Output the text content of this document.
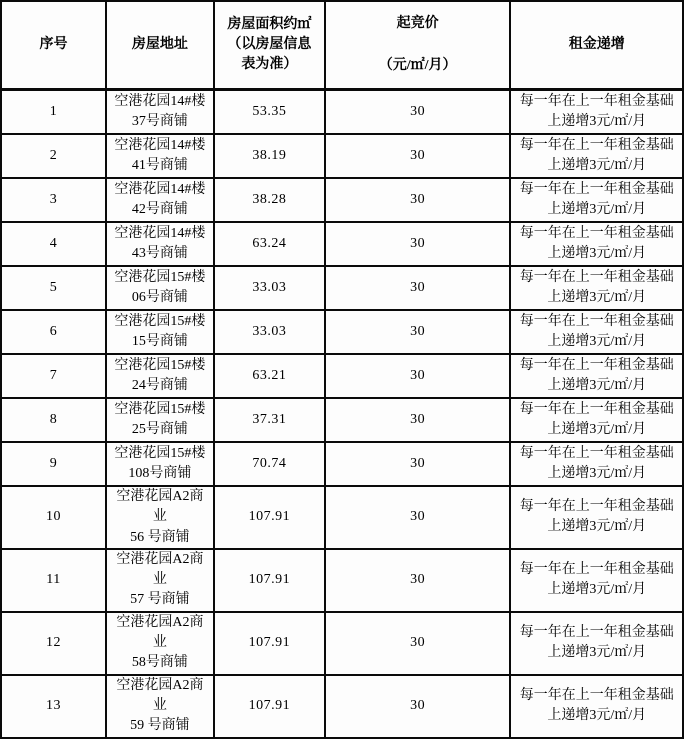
序号	房屋地址	房屋面积约㎡
（以房屋信息
表为准）	起竞价
（元/㎡/月）	租金递增
1	空港花园14#楼
37号商铺	53.35	30	每一年在上一年租金基础
上递增3元/㎡/月

2	空港花园14#楼
41号商铺	38.19	30	每一年在上一年租金基础
上递增3元/㎡/月

3	空港花园14#楼
42号商铺	38.28	30	每一年在上一年租金基础
上递增3元/㎡/月

4	空港花园14#楼
43号商铺	63.24	30	每一年在上一年租金基础
上递增3元/㎡/月

5	空港花园15#楼
06号商铺	33.03	30	每一年在上一年租金基础
上递增3元/㎡/月

6	空港花园15#楼
15号商铺	33.03	30	每一年在上一年租金基础
上递增3元/㎡/月

7	空港花园15#楼
24号商铺	63.21	30	每一年在上一年租金基础
上递增3元/㎡/月

8	空港花园15#楼
25号商铺	37.31	30	每一年在上一年租金基础
上递增3元/㎡/月

9	空港花园15#楼
108号商铺	70.74	30	每一年在上一年租金基础
上递增3元/㎡/月

10	空港花园A2商业
56 号商铺	107.91	30	每一年在上一年租金基础
上递增3元/㎡/月

11	空港花园A2商业
57 号商铺	107.91	30	每一年在上一年租金基础
上递增3元/㎡/月

12	空港花园A2商业
58号商铺	107.91	30	每一年在上一年租金基础
上递增3元/㎡/月

13	空港花园A2商业
59 号商铺	107.91	30	每一年在上一年租金基础
上递增3元/㎡/月
